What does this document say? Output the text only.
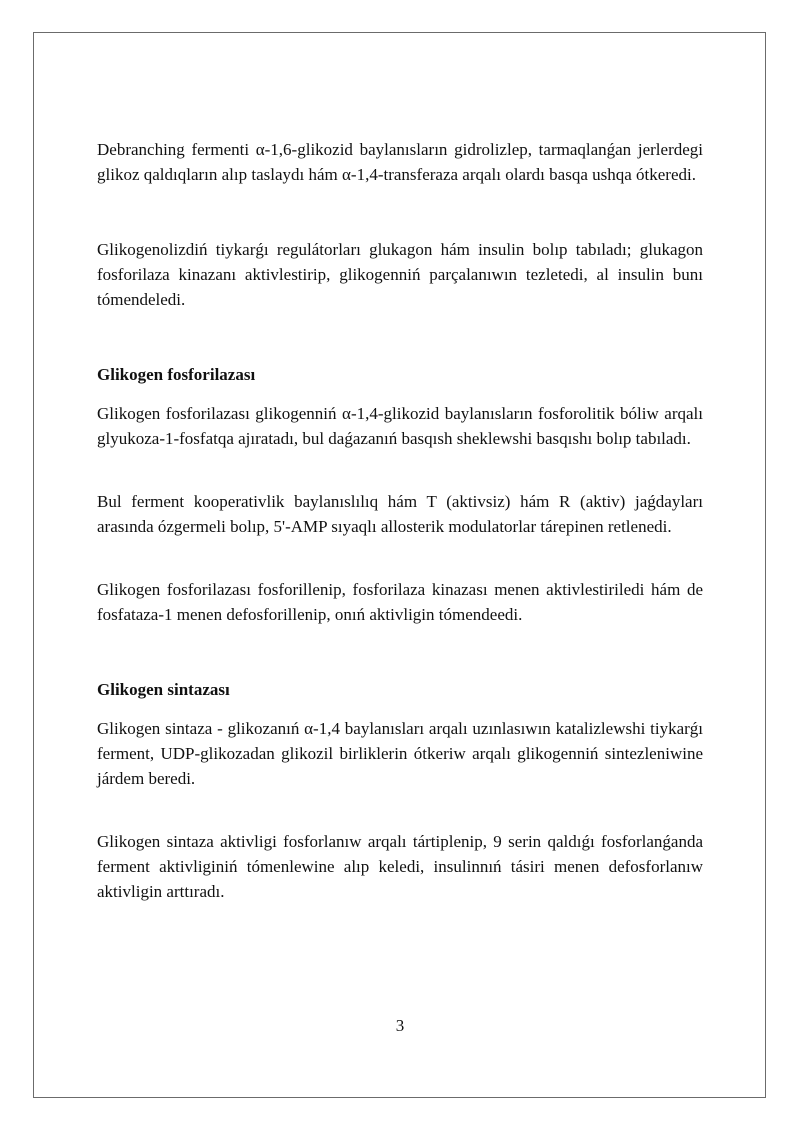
Debranching fermenti α-1,6-glikozid baylanısların gidrolizlep, tarmaqlanǵan jerlerdegi glikoz qaldıqların alıp taslaydı hám α-1,4-transferaza arqalı olardı basqa ushqa ótkeredi.

Glikogenolizdiń tiykarǵı regulátorları glukagon hám insulin bolıp tabıladı; glukagon fosforilaza kinazanı aktivlestirip, glikogenniń parçalanıwın tezletedi, al insulin bunı tómendeledi.

Glikogen fosforilazası

Glikogen fosforilazası glikogenniń α-1,4-glikozid baylanısların fosforolitik bóliw arqalı glyukoza-1-fosfatqa ajıratadı, bul daǵazanıń basqısh sheklewshi basqıshı bolıp tabıladı.

Bul ferment kooperativlik baylanıslılıq hám T (aktivsiz) hám R (aktiv) jaǵdayları arasında ózgermeli bolıp, 5'-AMP sıyaqlı allosterik modulatorlar tárepinen retlenedi.

Glikogen fosforilazası fosforillenip, fosforilaza kinazası menen aktivlestiriledi hám de fosfataza-1 menen defosforillenip, onıń aktivligin tómendeedi.

Glikogen sintazası

Glikogen sintaza - glikozanıń α-1,4 baylanısları arqalı uzınlasıwın katalizlewshi tiykarǵı ferment, UDP-glikozadan glikozil birliklerin ótkeriw arqalı glikogenniń sintezleniwine járdem beredi.

Glikogen sintaza aktivligi fosforlanıw arqalı tártiplenip, 9 serin qaldıǵı fosforlanǵanda ferment aktivliginiń tómenlewine alıp keledi, insulinnıń tásiri menen defosforlanıw aktivligin arttıradı.

3
